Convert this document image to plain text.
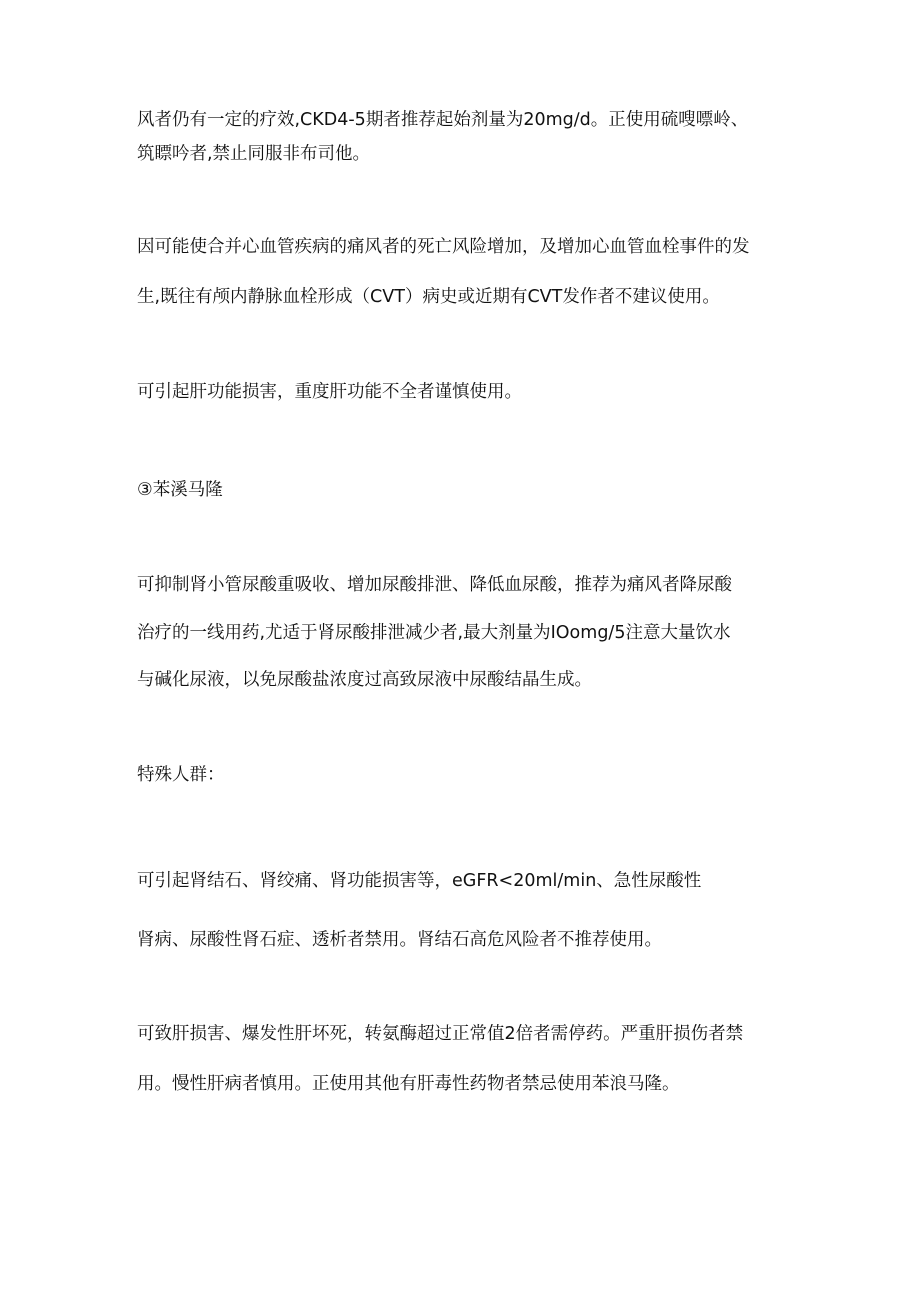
风者仍有一定的疗效,CKD4-5期者推荐起始剂量为20mg∕d。正使用硫嗖嘌岭、
筑瞟吟者,禁止同服非布司他。
因可能使合并心血管疾病的痛风者的死亡风险增加，及增加心血管血栓事件的发
生,既往有颅内静脉血栓形成（CVT）病史或近期有CVT发作者不建议使用。
可引起肝功能损害，重度肝功能不全者谨慎使用。
③苯溪马隆
可抑制肾小管尿酸重吸收、增加尿酸排泄、降低血尿酸，推荐为痛风者降尿酸
治疗的一线用药,尤适于肾尿酸排泄减少者,最大剂量为IOomg/5注意大量饮水
与碱化尿液，以免尿酸盐浓度过高致尿液中尿酸结晶生成。
特殊人群：
可引起肾结石、肾绞痛、肾功能损害等，eGFR<20ml/min、急性尿酸性
肾病、尿酸性肾石症、透析者禁用。肾结石高危风险者不推荐使用。
可致肝损害、爆发性肝坏死，转氨酶超过正常值2倍者需停药。严重肝损伤者禁
用。慢性肝病者慎用。正使用其他有肝毒性药物者禁忌使用苯浪马隆。
